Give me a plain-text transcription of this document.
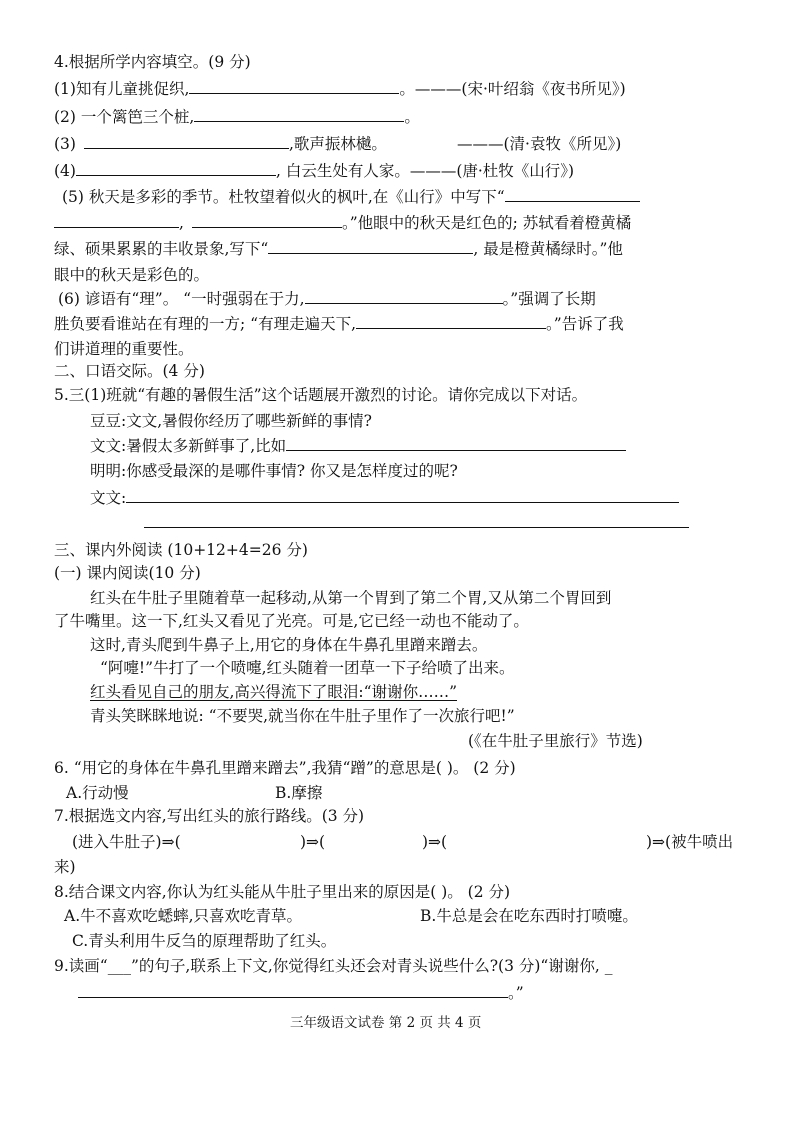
4.根据所学内容填空。(9 分)
(1)知有儿童挑促织,	。———(宋·叶绍翁《夜书所见》)
(2) 一个篱笆三个桩,	。
(3)	,歌声振林樾。	———(清·袁牧《所见》)
(4)	, 白云生处有人家。———(唐·杜牧《山行》)
(5) 秋天是多彩的季节。杜牧望着似火的枫叶,在《山行》中写下“
,	。”他眼中的秋天是红色的; 苏轼看着橙黄橘
绿、硕果累累的丰收景象,写下“	, 最是橙黄橘绿时。”他
眼中的秋天是彩色的。
(6) 谚语有“理”。 “一时强弱在于力,	。”强调了长期
胜负要看谁站在有理的一方; “有理走遍天下,	。”告诉了我
们讲道理的重要性。
二、口语交际。(4 分)
5.三(1)班就“有趣的暑假生活”这个话题展开激烈的讨论。请你完成以下对话。
豆豆:文文,暑假你经历了哪些新鲜的事情?
文文:暑假太多新鲜事了,比如
明明:你感受最深的是哪件事情? 你又是怎样度过的呢?
文文:
三、课内外阅读 (10+12+4=26 分)
(一) 课内阅读(10 分)
红头在牛肚子里随着草一起移动,从第一个胃到了第二个胃,又从第二个胃回到
了牛嘴里。这一下,红头又看见了光亮。可是,它已经一动也不能动了。
这时,青头爬到牛鼻子上,用它的身体在牛鼻孔里蹭来蹭去。
“阿嚏!”牛打了一个喷嚏,红头随着一团草一下子给喷了出来。
红头看见自己的朋友,高兴得流下了眼泪:“谢谢你……”
青头笑眯眯地说: “不要哭,就当你在牛肚子里作了一次旅行吧!”
(《在牛肚子里旅行》节选)
6. “用它的身体在牛鼻孔里蹭来蹭去”,我猜“蹭”的意思是( )。 (2 分)
A.行动慢	B.摩擦
7.根据选文内容,写出红头的旅行路线。(3 分)
(进入牛肚子)⇒(	)⇒(	)⇒(	)⇒(被牛喷出
来)
8.结合课文内容,你认为红头能从牛肚子里出来的原因是( )。 (2 分)
A.牛不喜欢吃蟋蟀,只喜欢吃青草。	B.牛总是会在吃东西时打喷嚏。
C.青头利用牛反刍的原理帮助了红头。
9.读画“___”的句子,联系上下文,你觉得红头还会对青头说些什么?(3 分)“谢谢你, _
。”
三年级语文试卷 第 2 页 共 4 页
